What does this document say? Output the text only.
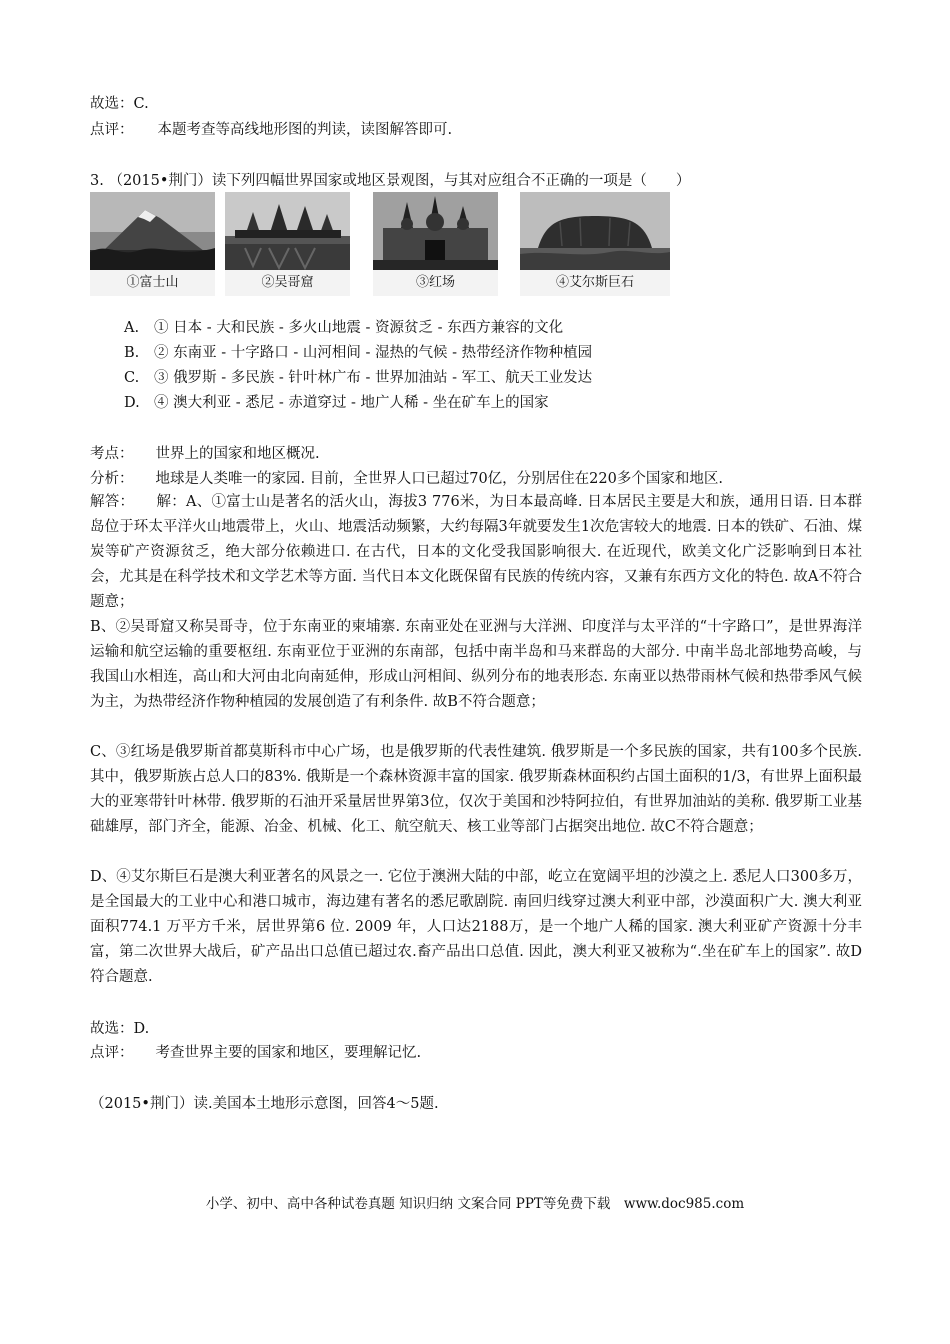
故选：C.
点评： 本题考查等高线地形图的判读，读图解答即可.
3. （2015•荆门）读下列四幅世界国家或地区景观图，与其对应组合不正确的一项是（　　）
①富士山	②吴哥窟	③红场	④艾尔斯巨石
A. ① 日本 - 大和民族 - 多火山地震 - 资源贫乏 - 东西方兼容的文化
B. ② 东南亚 - 十字路口 - 山河相间 - 湿热的气候 - 热带经济作物种植园
C. ③ 俄罗斯 - 多民族 - 针叶林广布 - 世界加油站 - 军工、航天工业发达
D. ④ 澳大利亚 - 悉尼 - 赤道穿过 - 地广人稀 - 坐在矿车上的国家
考点： 世界上的国家和地区概况.
分析： 地球是人类唯一的家园. 目前，全世界人口已超过70亿，分别居住在220多个国家和地区.
解答： 解：A、①富士山是著名的活火山，海拔3 776米，为日本最高峰. 日本居民主要是大和族，通用日语. 日本群岛位于环太平洋火山地震带上，火山、地震活动频繁，大约每隔3年就要发生1次危害较大的地震. 日本的铁矿、石油、煤炭等矿产资源贫乏，绝大部分依赖进口. 在古代，日本的文化受我国影响很大. 在近现代，欧美文化广泛影响到日本社会，尤其是在科学技术和文学艺术等方面. 当代日本文化既保留有民族的传统内容，又兼有东西方文化的特色. 故A不符合题意；
B、②吴哥窟又称吴哥寺，位于东南亚的柬埔寨. 东南亚处在亚洲与大洋洲、印度洋与太平洋的“十字路口”，是世界海洋运输和航空运输的重要枢纽. 东南亚位于亚洲的东南部，包括中南半岛和马来群岛的大部分. 中南半岛北部地势高峻，与我国山水相连，高山和大河由北向南延伸，形成山河相间、纵列分布的地表形态. 东南亚以热带雨林气候和热带季风气候为主，为热带经济作物种植园的发展创造了有利条件. 故B不符合题意；
C、③红场是俄罗斯首都莫斯科市中心广场，也是俄罗斯的代表性建筑. 俄罗斯是一个多民族的国家，共有100多个民族. 其中，俄罗斯族占总人口的83%. 俄斯是一个森林资源丰富的国家. 俄罗斯森林面积约占国土面积的1/3，有世界上面积最大的亚寒带针叶林带. 俄罗斯的石油开采量居世界第3位，仅次于美国和沙特阿拉伯，有世界加油站的美称. 俄罗斯工业基础雄厚，部门齐全，能源、冶金、机械、化工、航空航天、核工业等部门占据突出地位. 故C不符合题意；
D、④艾尔斯巨石是澳大利亚著名的风景之一. 它位于澳洲大陆的中部，屹立在宽阔平坦的沙漠之上. 悉尼人口300多万，是全国最大的工业中心和港口城市，海边建有著名的悉尼歌剧院. 南回归线穿过澳大利亚中部，沙漠面积广大. 澳大利亚面积774.1 万平方千米，居世界第6 位. 2009 年，人口达2188万，是一个地广人稀的国家. 澳大利亚矿产资源十分丰富，第二次世界大战后，矿产品出口总值已超过农.畜产品出口总值. 因此，澳大利亚又被称为“.坐在矿车上的国家”. 故D符合题意.
故选：D.
点评： 考查世界主要的国家和地区，要理解记忆.
（2015•荆门）读.美国本土地形示意图，回答4～5题.
小学、初中、高中各种试卷真题 知识归纳 文案合同 PPT等免费下载　www.doc985.com
